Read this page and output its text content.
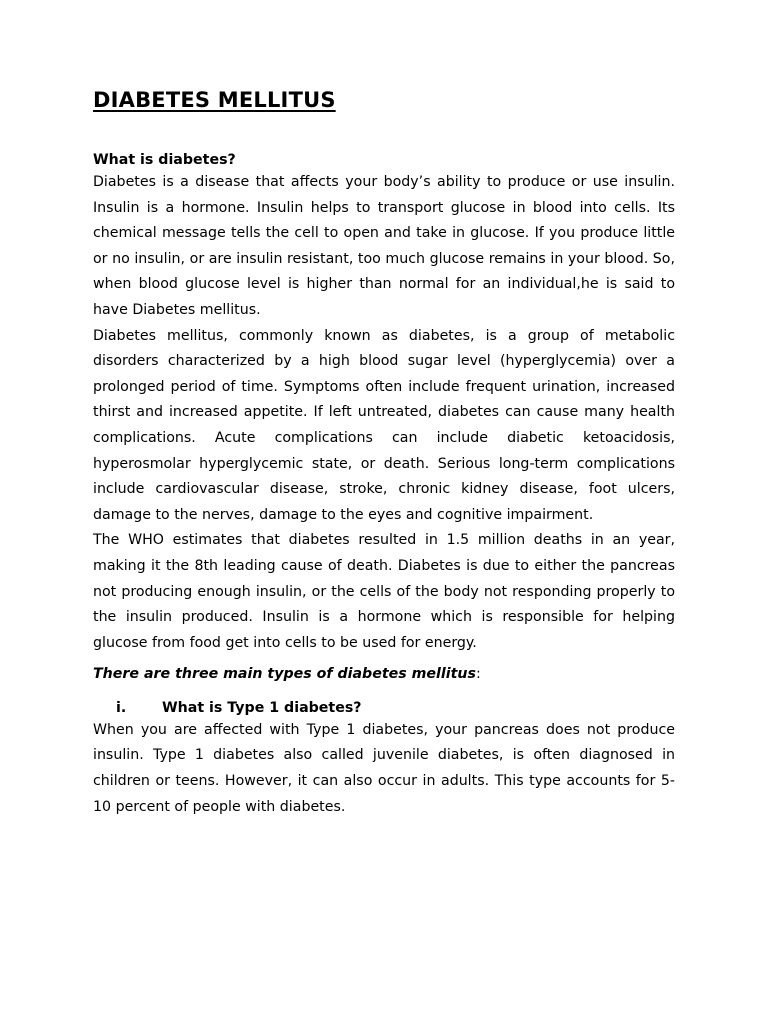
DIABETES MELLITUS
What is diabetes?

Diabetes is a disease that affects your body’s ability to produce or use insulin. Insulin is a hormone. Insulin helps to transport glucose in blood into cells. Its chemical message tells the cell to open and take in glucose. If you produce little or no insulin, or are insulin resistant, too much glucose remains in your blood. So, when blood glucose level is higher than normal for an individual,he is said to have Diabetes mellitus.

Diabetes mellitus, commonly known as diabetes, is a group of metabolic disorders characterized by a high blood sugar level (hyperglycemia) over a prolonged period of time. Symptoms often include frequent urination, increased thirst and increased appetite. If left untreated, diabetes can cause many health complications. Acute complications can include diabetic ketoacidosis, hyperosmolar hyperglycemic state, or death. Serious long-term complications include cardiovascular disease, stroke, chronic kidney disease, foot ulcers, damage to the nerves, damage to the eyes and cognitive impairment.

The WHO estimates that diabetes resulted in 1.5 million deaths in an year, making it the 8th leading cause of death. Diabetes is due to either the pancreas not producing enough insulin, or the cells of the body not responding properly to the insulin produced. Insulin is a hormone which is responsible for helping glucose from food get into cells to be used for energy.

There are three main types of diabetes mellitus:

i.	What is Type 1 diabetes?

When you are affected with Type 1 diabetes, your pancreas does not produce insulin. Type 1 diabetes also called juvenile diabetes, is often diagnosed in children or teens. However, it can also occur in adults. This type accounts for 5-10 percent of people with diabetes.
